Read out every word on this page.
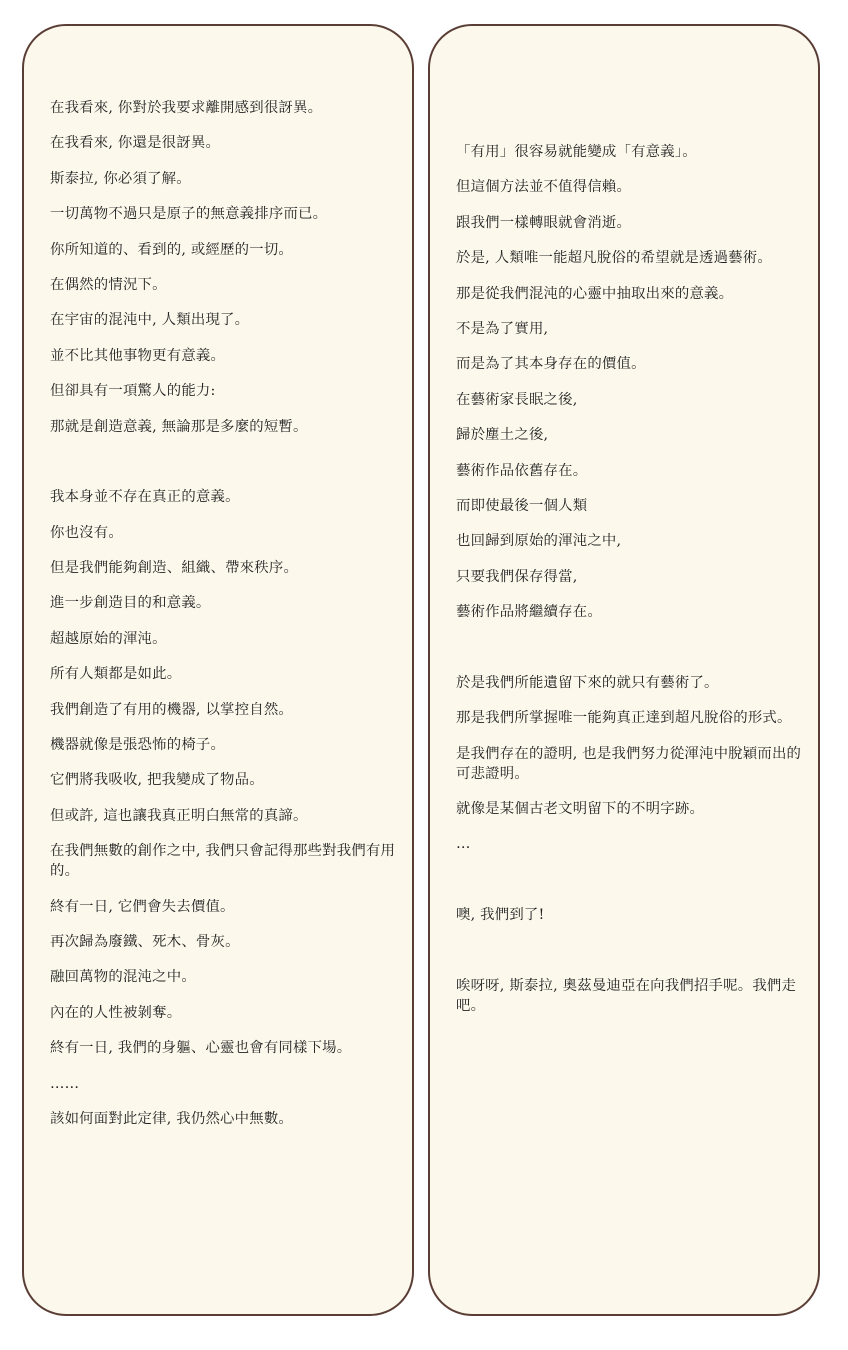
在我看來, 你對於我要求離開感到很訝異。
在我看來, 你還是很訝異。
斯泰拉, 你必須了解。
一切萬物不過只是原子的無意義排序而已。
你所知道的、看到的, 或經歷的一切。
在偶然的情況下。
在宇宙的混沌中, 人類出現了。
並不比其他事物更有意義。
但卻具有一項驚人的能力:
那就是創造意義, 無論那是多麼的短暫。
我本身並不存在真正的意義。
你也沒有。
但是我們能夠創造、組織、帶來秩序。
進一步創造目的和意義。
超越原始的渾沌。
所有人類都是如此。
我們創造了有用的機器, 以掌控自然。
機器就像是張恐怖的椅子。
它們將我吸收, 把我變成了物品。
但或許, 這也讓我真正明白無常的真諦。
在我們無數的創作之中, 我們只會記得那些對我們有用的。
終有一日, 它們會失去價值。
再次歸為廢鐵、死木、骨灰。
融回萬物的混沌之中。
內在的人性被剝奪。
終有一日, 我們的身軀、心靈也會有同樣下場。
……
該如何面對此定律, 我仍然心中無數。
「有用」很容易就能變成「有意義」。
但這個方法並不值得信賴。
跟我們一樣轉眼就會消逝。
於是, 人類唯一能超凡脫俗的希望就是透過藝術。
那是從我們混沌的心靈中抽取出來的意義。
不是為了實用,
而是為了其本身存在的價值。
在藝術家長眠之後,
歸於塵土之後,
藝術作品依舊存在。
而即使最後一個人類
也回歸到原始的渾沌之中,
只要我們保存得當,
藝術作品將繼續存在。
於是我們所能遺留下來的就只有藝術了。
那是我們所掌握唯一能夠真正達到超凡脫俗的形式。
是我們存在的證明, 也是我們努力從渾沌中脫穎而出的可悲證明。
就像是某個古老文明留下的不明字跡。
…
噢, 我們到了!
唉呀呀, 斯泰拉, 奧茲曼迪亞在向我們招手呢。我們走吧。
